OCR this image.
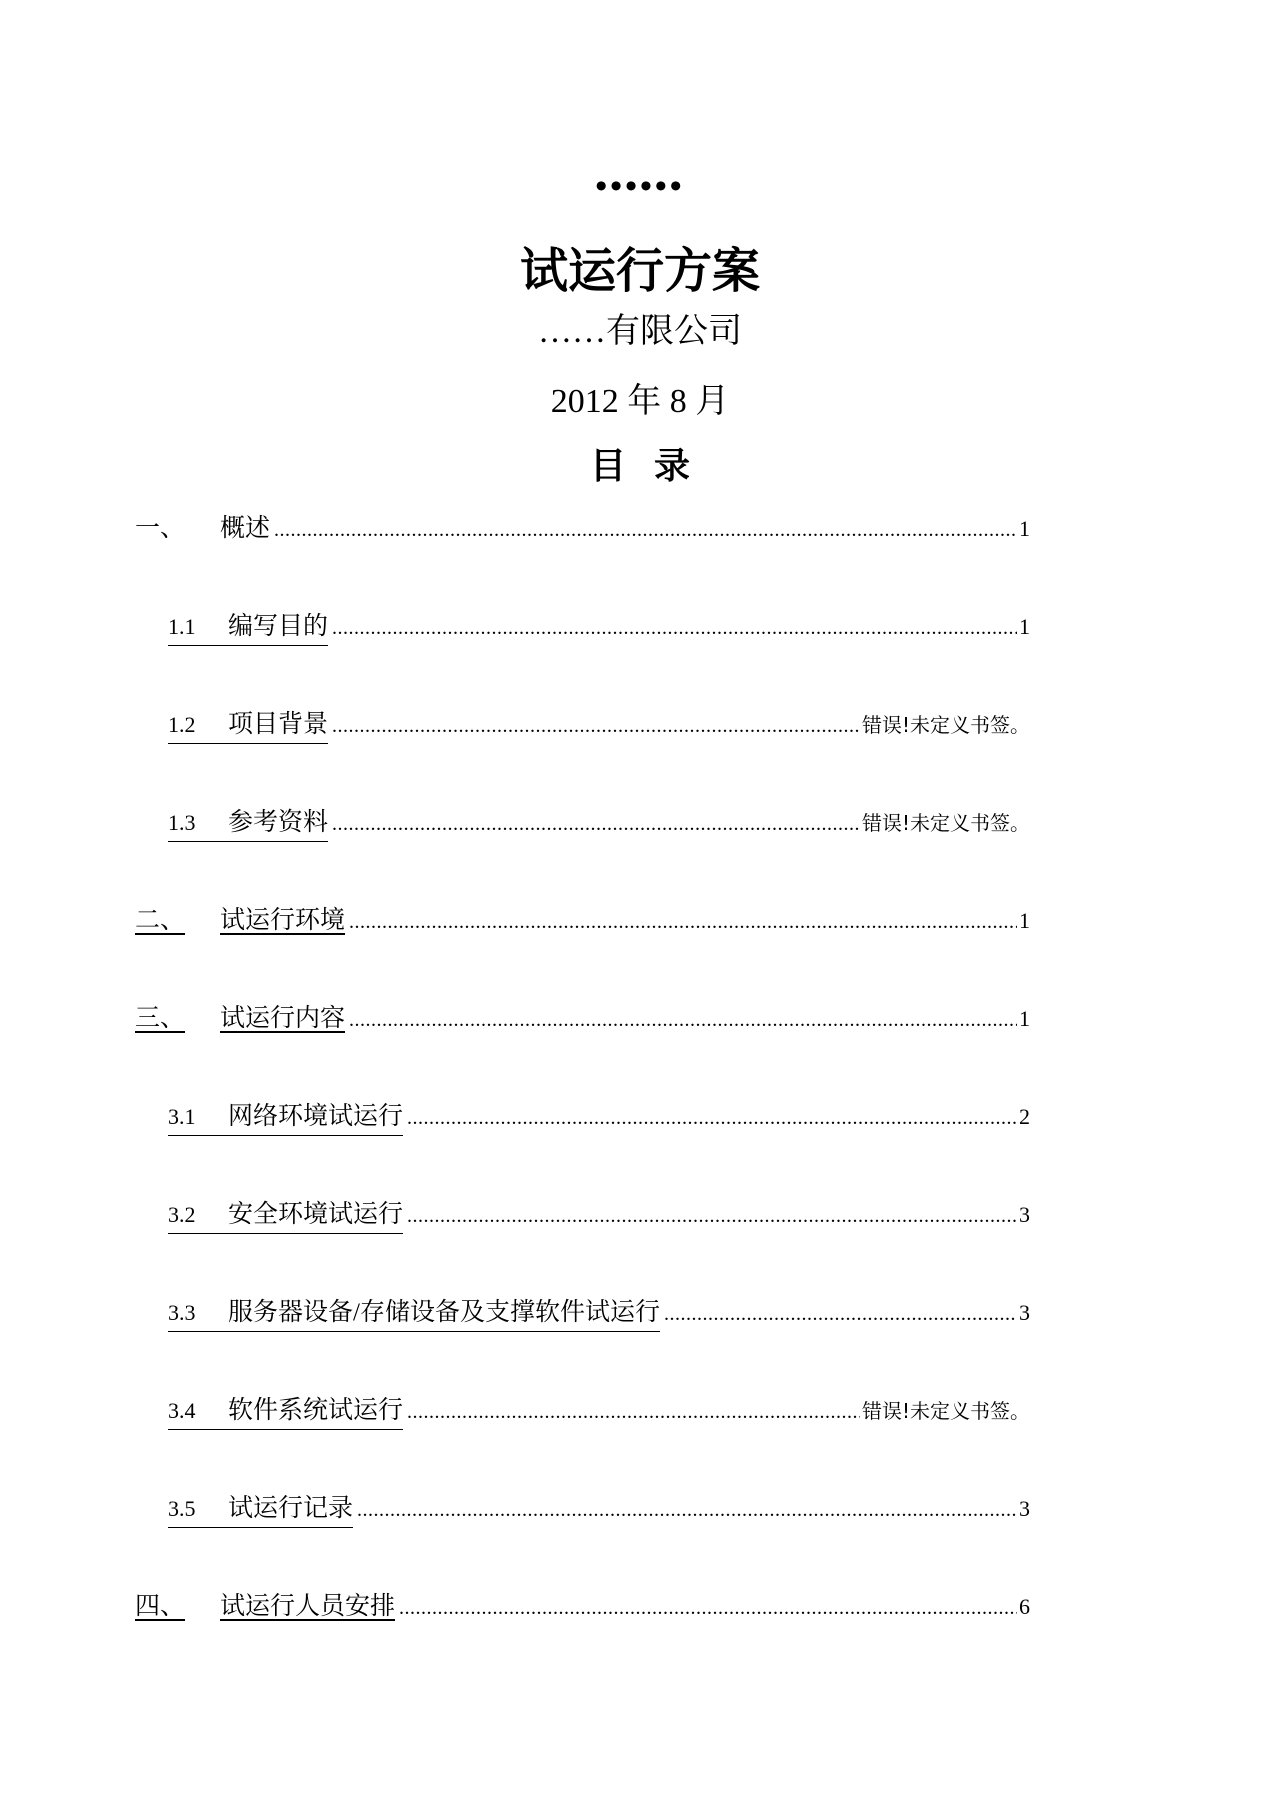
••••••
试运行方案
……有限公司
2012 年 8 月
目录
一、	概述 .....	1
1.1	编写目的 .....	1
1.2	项目背景 .....	错误!未定义书签。
1.3	参考资料 .....	错误!未定义书签。
二、	试运行环境 .....	1
三、	试运行内容 .....	1
3.1	网络环境试运行 .....	2
3.2	安全环境试运行 .....	3
3.3	服务器设备/存储设备及支撑软件试运行 .....	3
3.4	软件系统试运行 .....	错误!未定义书签。
3.5	试运行记录 .....	3
四、	试运行人员安排 .....	6
